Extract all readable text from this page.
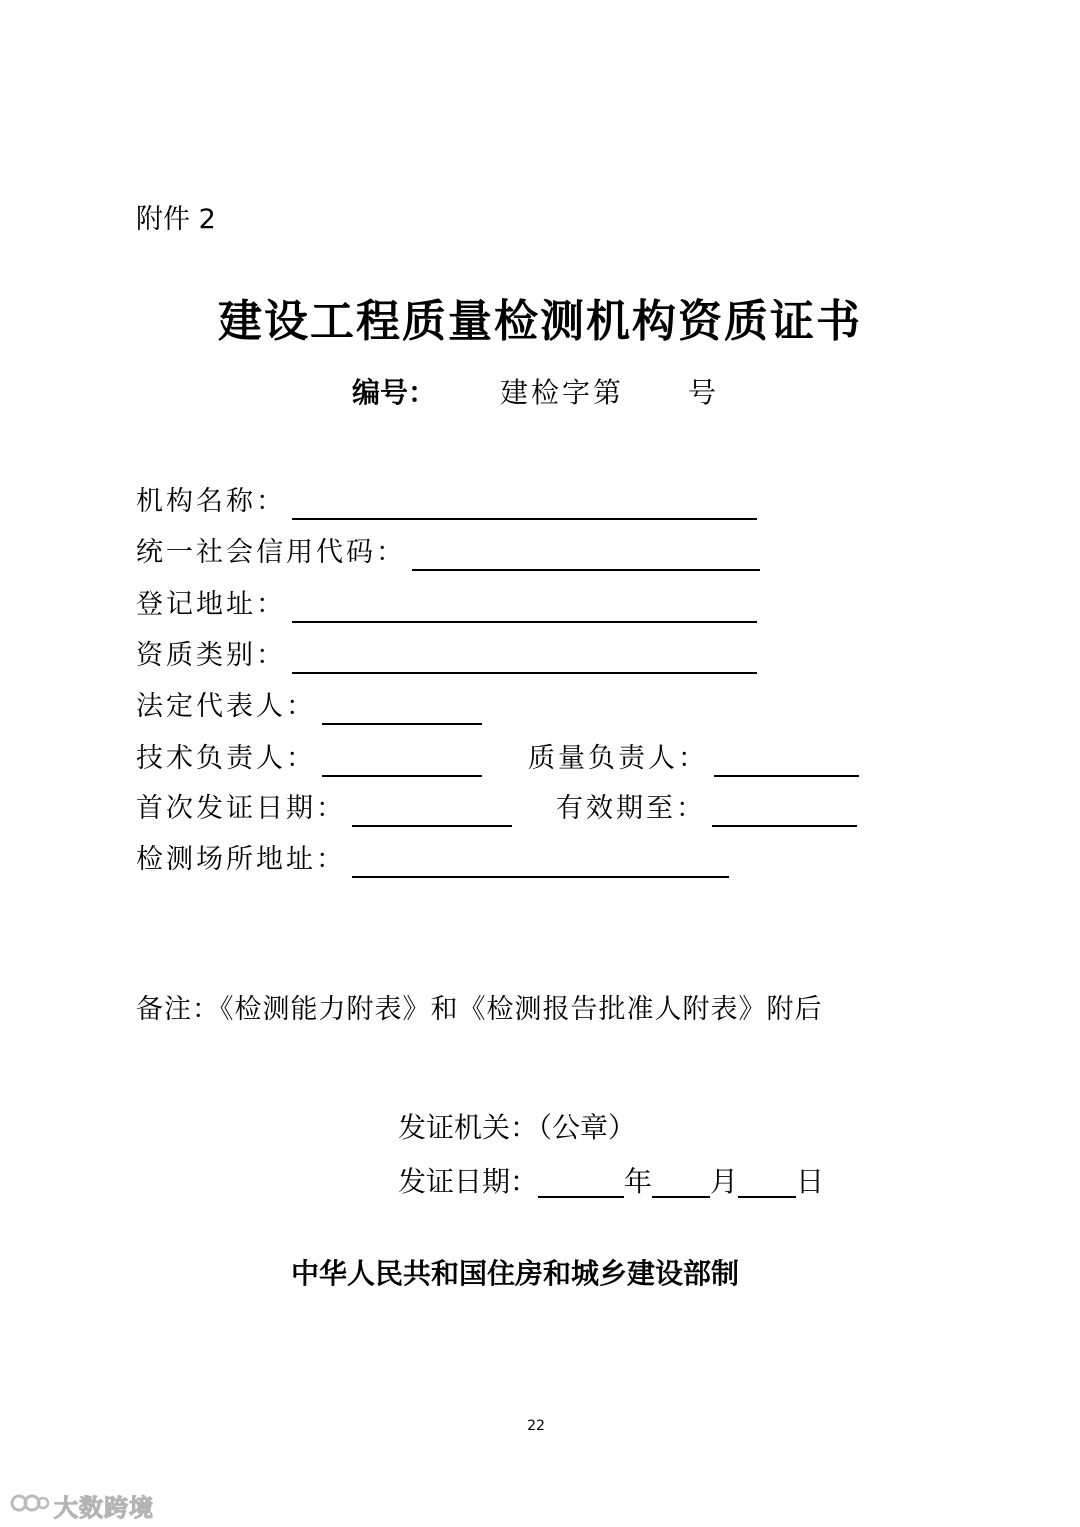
附件 2
建设工程质量检测机构资质证书
编号： 建检字第 号
机构名称：
统一社会信用代码：
登记地址：
资质类别：
法定代表人：
技术负责人：	质量负责人：
首次发证日期：	有效期至：
检测场所地址：
备注：《检测能力附表》和《检测报告批准人附表》附后
发证机关：（公章）
发证日期：	年 月 日
中华人民共和国住房和城乡建设部制
22
大数跨境
